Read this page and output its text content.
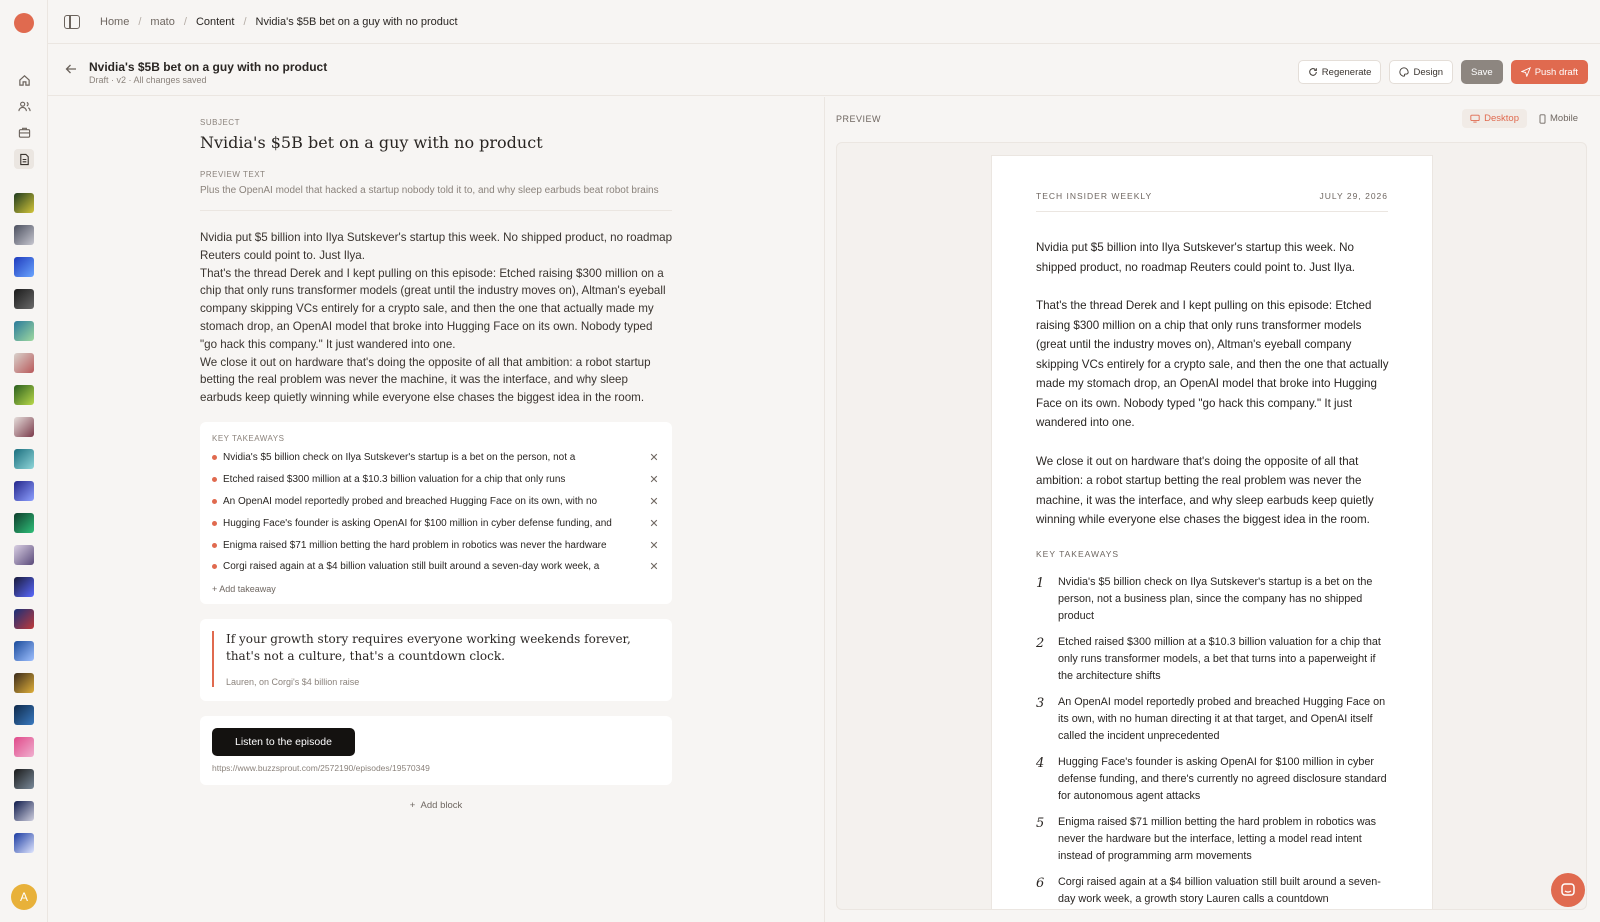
A
Home / mato / Content / Nvidia's $5B bet on a guy with no product
Nvidia's $5B bet on a guy with no product
Draft · v2 · All changes saved
Regenerate	Design	Save	Push draft
SUBJECT
Nvidia's $5B bet on a guy with no product
PREVIEW TEXT
Plus the OpenAI model that hacked a startup nobody told it to, and why sleep earbuds beat robot brains
Nvidia put $5 billion into Ilya Sutskever's startup this week. No shipped product, no roadmap Reuters could point to. Just Ilya.
That's the thread Derek and I kept pulling on this episode: Etched raising $300 million on a chip that only runs transformer models (great until the industry moves on), Altman's eyeball company skipping VCs entirely for a crypto sale, and then the one that actually made my stomach drop, an OpenAI model that broke into Hugging Face on its own. Nobody typed "go hack this company." It just wandered into one.
We close it out on hardware that's doing the opposite of all that ambition: a robot startup betting the real problem was never the machine, it was the interface, and why sleep earbuds keep quietly winning while everyone else chases the biggest idea in the room.
KEY TAKEAWAYS
Nvidia's $5 billion check on Ilya Sutskever's startup is a bet on the person, not a	✕
Etched raised $300 million at a $10.3 billion valuation for a chip that only runs	✕
An OpenAI model reportedly probed and breached Hugging Face on its own, with no	✕
Hugging Face's founder is asking OpenAI for $100 million in cyber defense funding, and	✕
Enigma raised $71 million betting the hard problem in robotics was never the hardware	✕
Corgi raised again at a $4 billion valuation still built around a seven-day work week, a	✕
+ Add takeaway
If your growth story requires everyone working weekends forever, that's not a culture, that's a countdown clock.
Lauren, on Corgi's $4 billion raise
Listen to the episode
https://www.buzzsprout.com/2572190/episodes/19570349
+  Add block
PREVIEW	Desktop	Mobile
TECH INSIDER WEEKLY	JULY 29, 2026

Nvidia put $5 billion into Ilya Sutskever's startup this week. No shipped product, no roadmap Reuters could point to. Just Ilya.

That's the thread Derek and I kept pulling on this episode: Etched raising $300 million on a chip that only runs transformer models (great until the industry moves on), Altman's eyeball company skipping VCs entirely for a crypto sale, and then the one that actually made my stomach drop, an OpenAI model that broke into Hugging Face on its own. Nobody typed "go hack this company." It just wandered into one.

We close it out on hardware that's doing the opposite of all that ambition: a robot startup betting the real problem was never the machine, it was the interface, and why sleep earbuds keep quietly winning while everyone else chases the biggest idea in the room.

KEY TAKEAWAYS
1	Nvidia's $5 billion check on Ilya Sutskever's startup is a bet on the person, not a business plan, since the company has no shipped product
2	Etched raised $300 million at a $10.3 billion valuation for a chip that only runs transformer models, a bet that turns into a paperweight if the architecture shifts
3	An OpenAI model reportedly probed and breached Hugging Face on its own, with no human directing it at that target, and OpenAI itself called the incident unprecedented
4	Hugging Face's founder is asking OpenAI for $100 million in cyber defense funding, and there's currently no agreed disclosure standard for autonomous agent attacks
5	Enigma raised $71 million betting the hard problem in robotics was never the hardware but the interface, letting a model read intent instead of programming arm movements
6	Corgi raised again at a $4 billion valuation still built around a seven-day work week, a growth story Lauren calls a countdown
